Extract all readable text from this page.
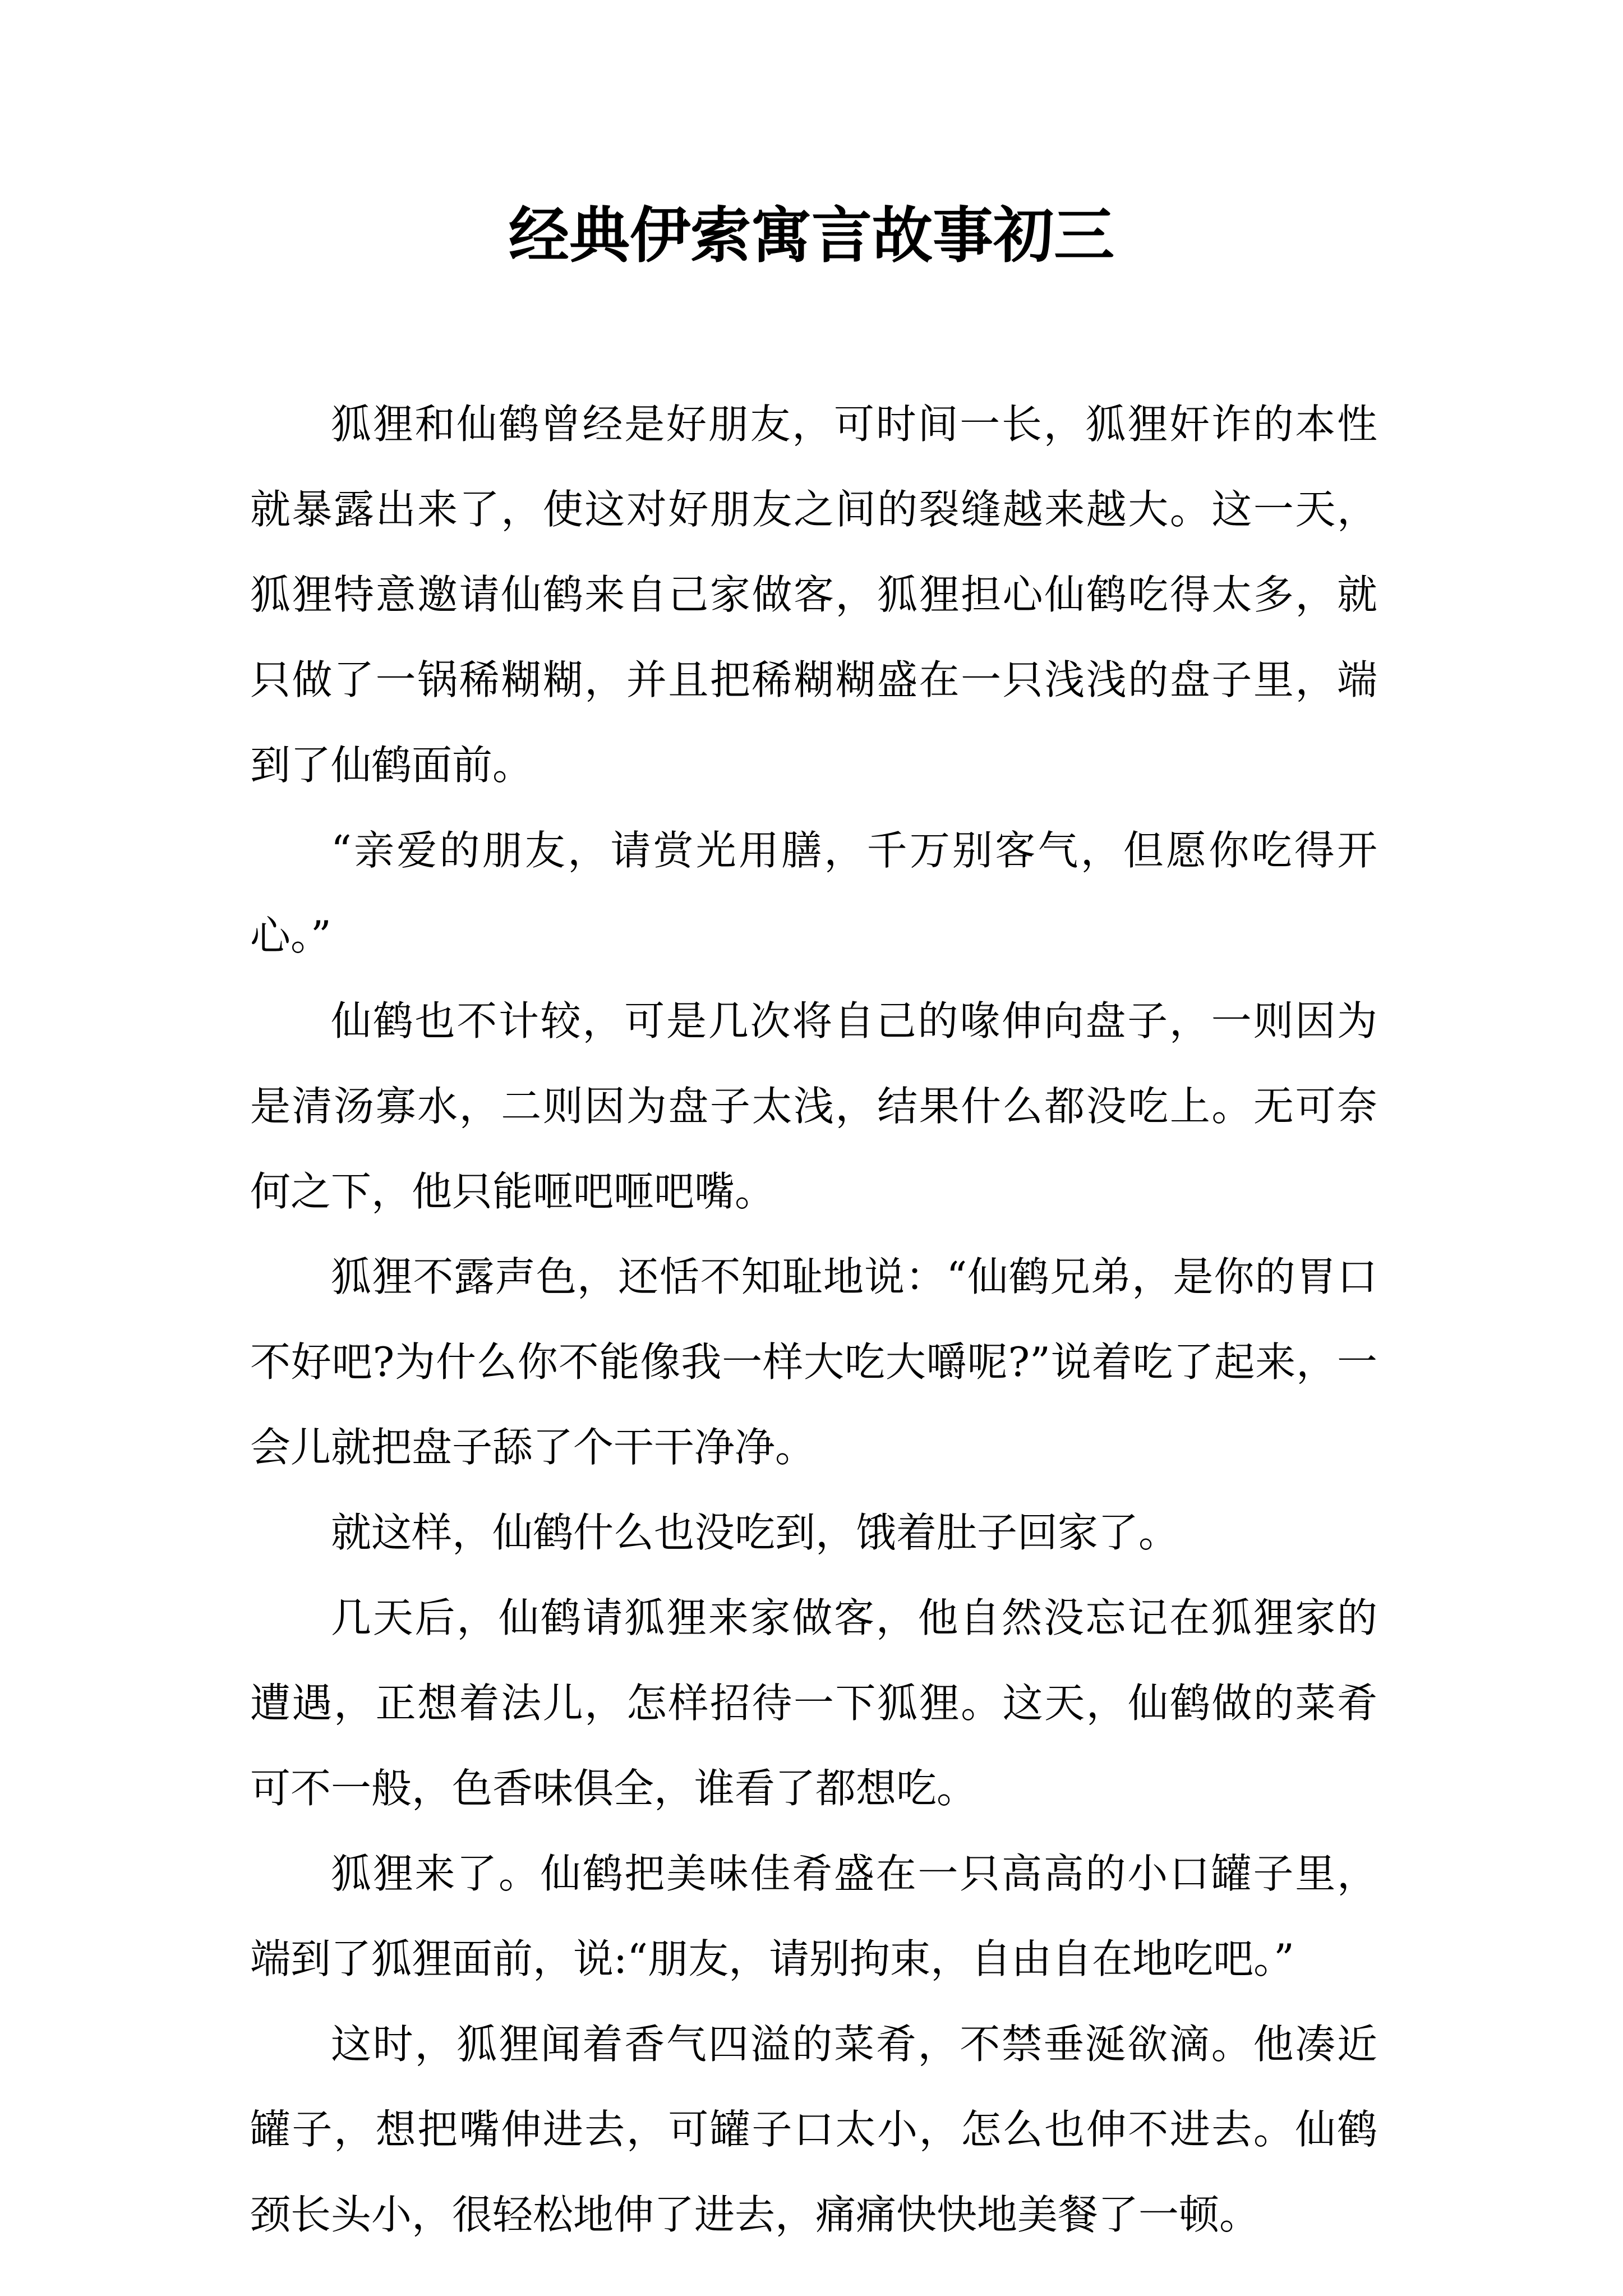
经典伊索寓言故事初三

狐狸和仙鹤曾经是好朋友，可时间一长，狐狸奸诈的本性就暴露出来了，使这对好朋友之间的裂缝越来越大。这一天，狐狸特意邀请仙鹤来自己家做客，狐狸担心仙鹤吃得太多，就只做了一锅稀糊糊，并且把稀糊糊盛在一只浅浅的盘子里，端到了仙鹤面前。

“亲爱的朋友，请赏光用膳，千万别客气，但愿你吃得开心。”

仙鹤也不计较，可是几次将自己的喙伸向盘子，一则因为是清汤寡水，二则因为盘子太浅，结果什么都没吃上。无可奈何之下，他只能咂吧咂吧嘴。

狐狸不露声色，还恬不知耻地说：“仙鹤兄弟，是你的胃口不好吧?为什么你不能像我一样大吃大嚼呢?”说着吃了起来，一会儿就把盘子舔了个干干净净。

就这样，仙鹤什么也没吃到，饿着肚子回家了。

几天后，仙鹤请狐狸来家做客，他自然没忘记在狐狸家的遭遇，正想着法儿，怎样招待一下狐狸。这天，仙鹤做的菜肴可不一般，色香味俱全，谁看了都想吃。

狐狸来了。仙鹤把美味佳肴盛在一只高高的小口罐子里，端到了狐狸面前，说:“朋友，请别拘束，自由自在地吃吧。”

这时，狐狸闻着香气四溢的菜肴，不禁垂涎欲滴。他凑近罐子，想把嘴伸进去，可罐子口太小，怎么也伸不进去。仙鹤颈长头小，很轻松地伸了进去，痛痛快快地美餐了一顿。
